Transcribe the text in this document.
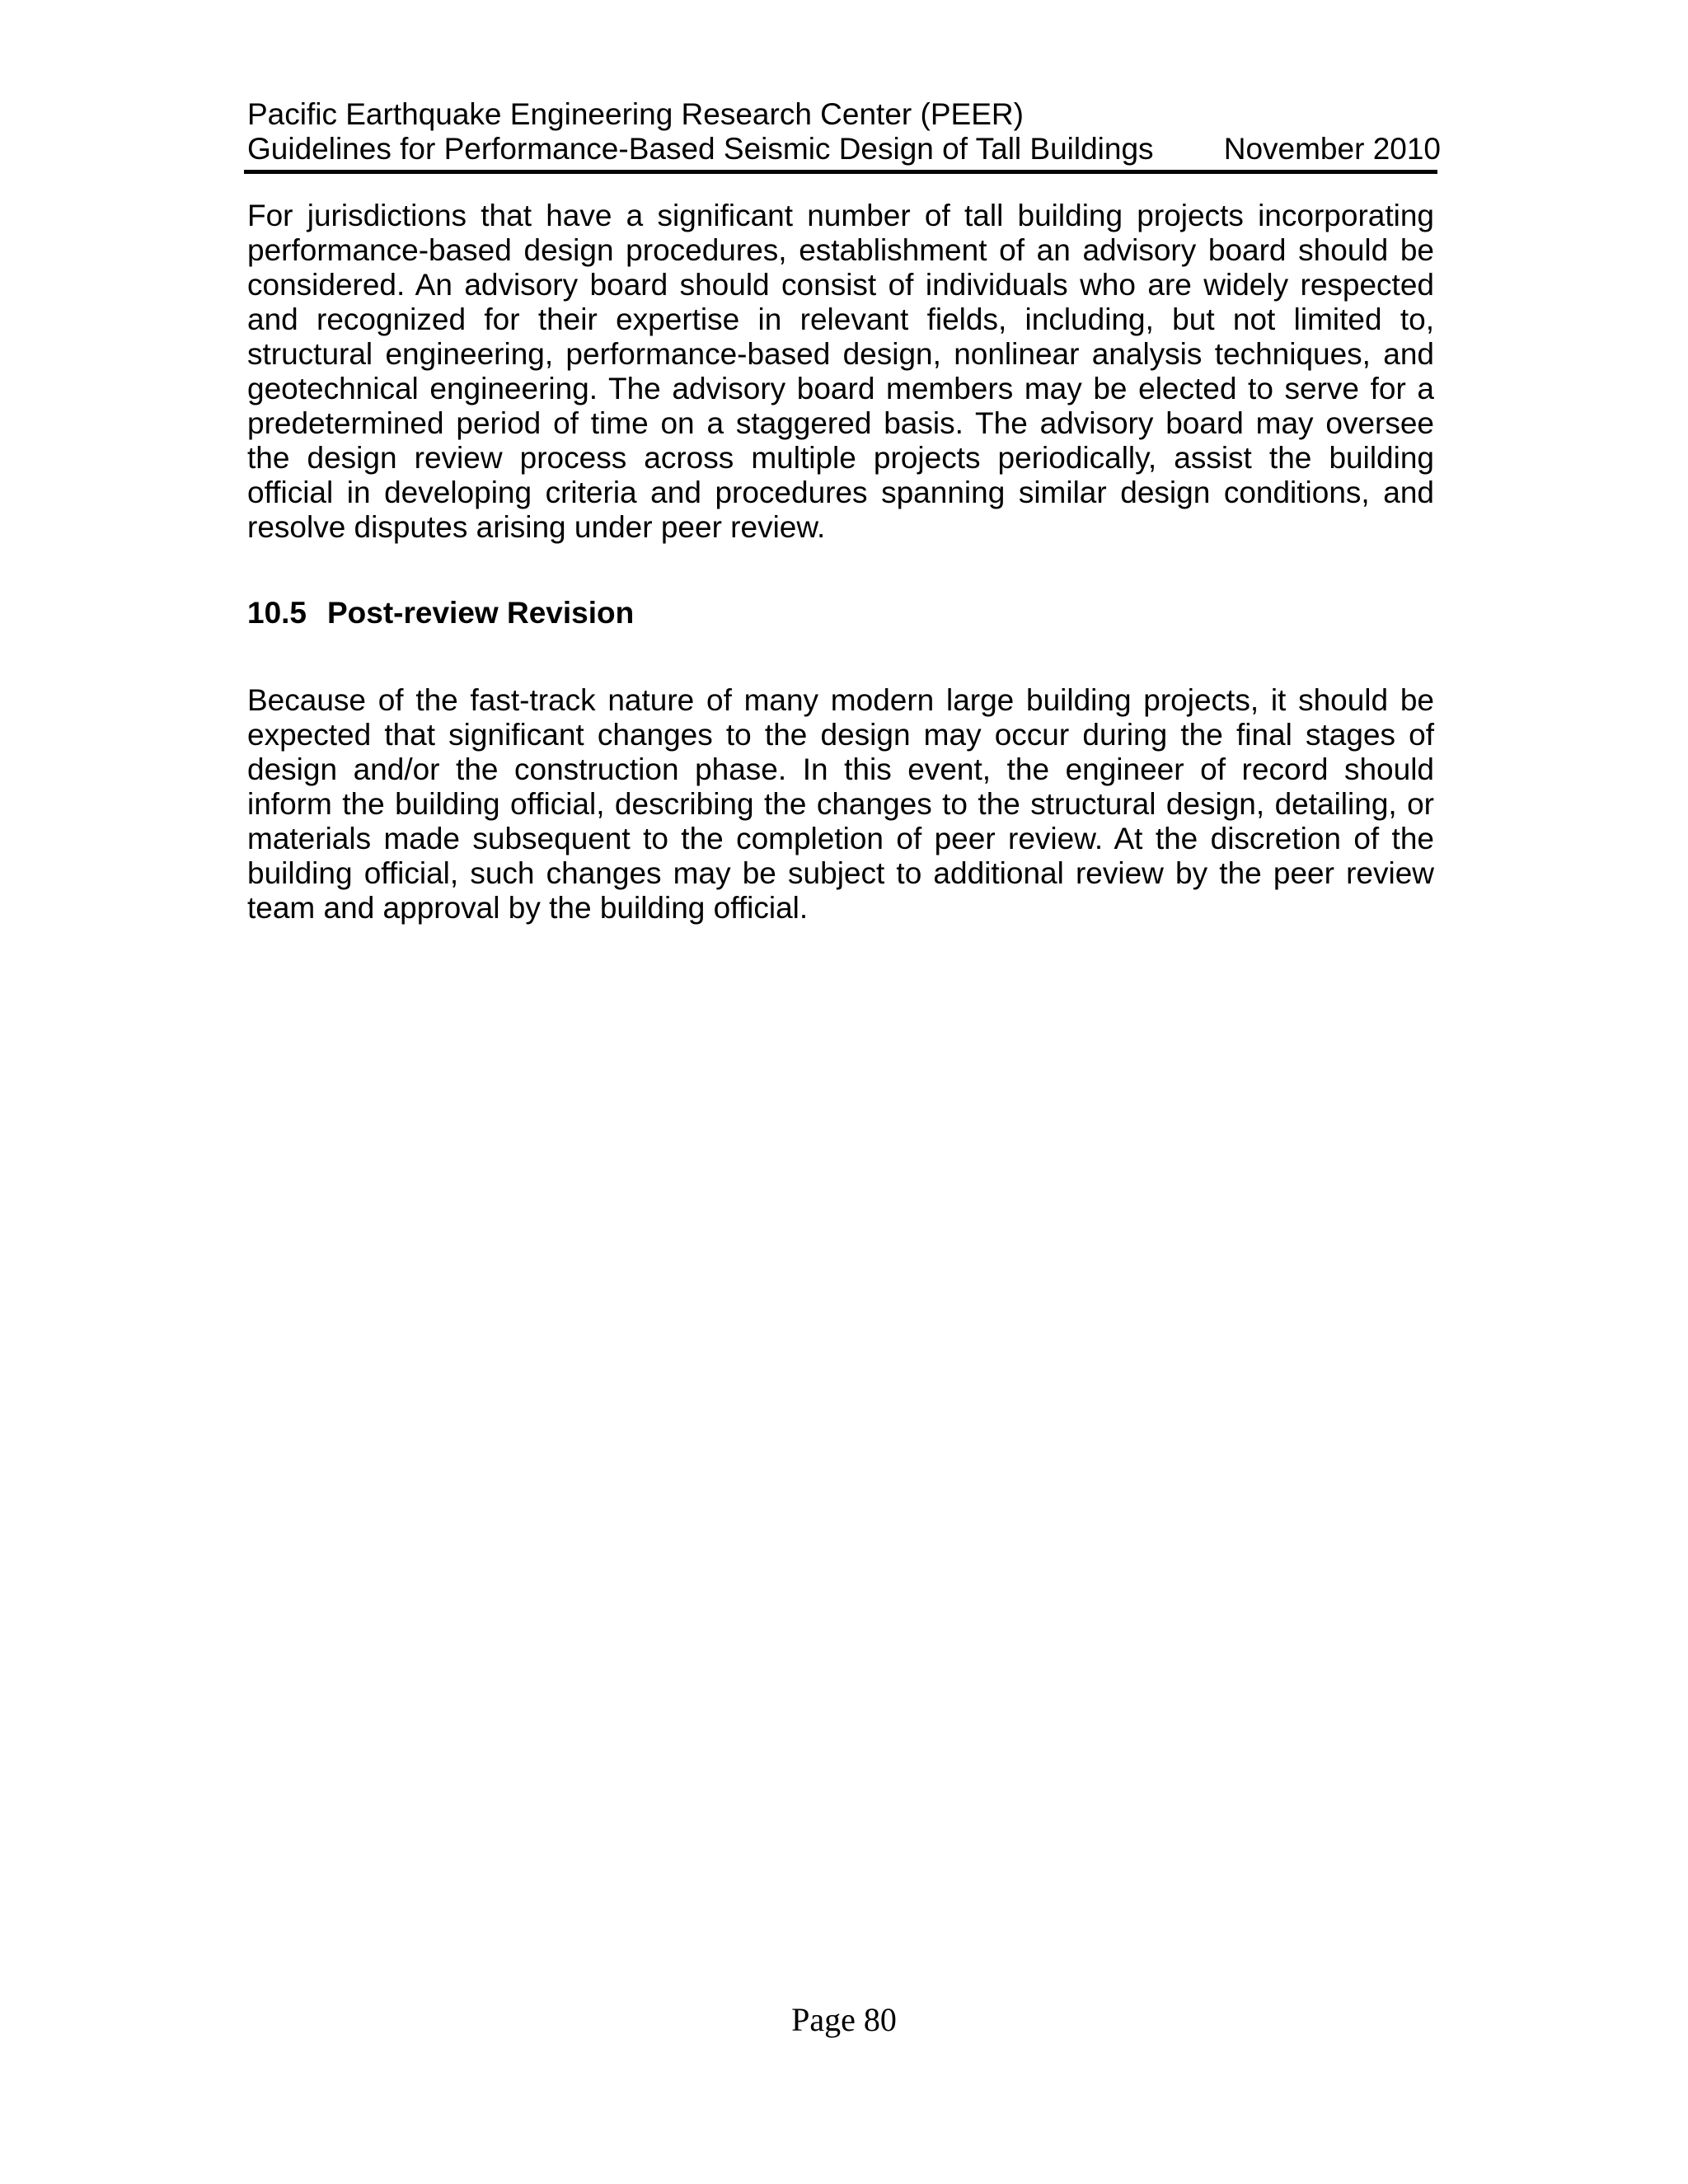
Pacific Earthquake Engineering Research Center (PEER)
Guidelines for Performance-Based Seismic Design of Tall Buildings November 2010

For jurisdictions that have a significant number of tall building projects incorporating performance-based design procedures, establishment of an advisory board should be considered. An advisory board should consist of individuals who are widely respected and recognized for their expertise in relevant fields, including, but not limited to, structural engineering, performance-based design, nonlinear analysis techniques, and geotechnical engineering. The advisory board members may be elected to serve for a predetermined period of time on a staggered basis. The advisory board may oversee the design review process across multiple projects periodically, assist the building official in developing criteria and procedures spanning similar design conditions, and resolve disputes arising under peer review.

10.5 Post-review Revision

Because of the fast-track nature of many modern large building projects, it should be expected that significant changes to the design may occur during the final stages of design and/or the construction phase. In this event, the engineer of record should inform the building official, describing the changes to the structural design, detailing, or materials made subsequent to the completion of peer review. At the discretion of the building official, such changes may be subject to additional review by the peer review team and approval by the building official.

Page 80
